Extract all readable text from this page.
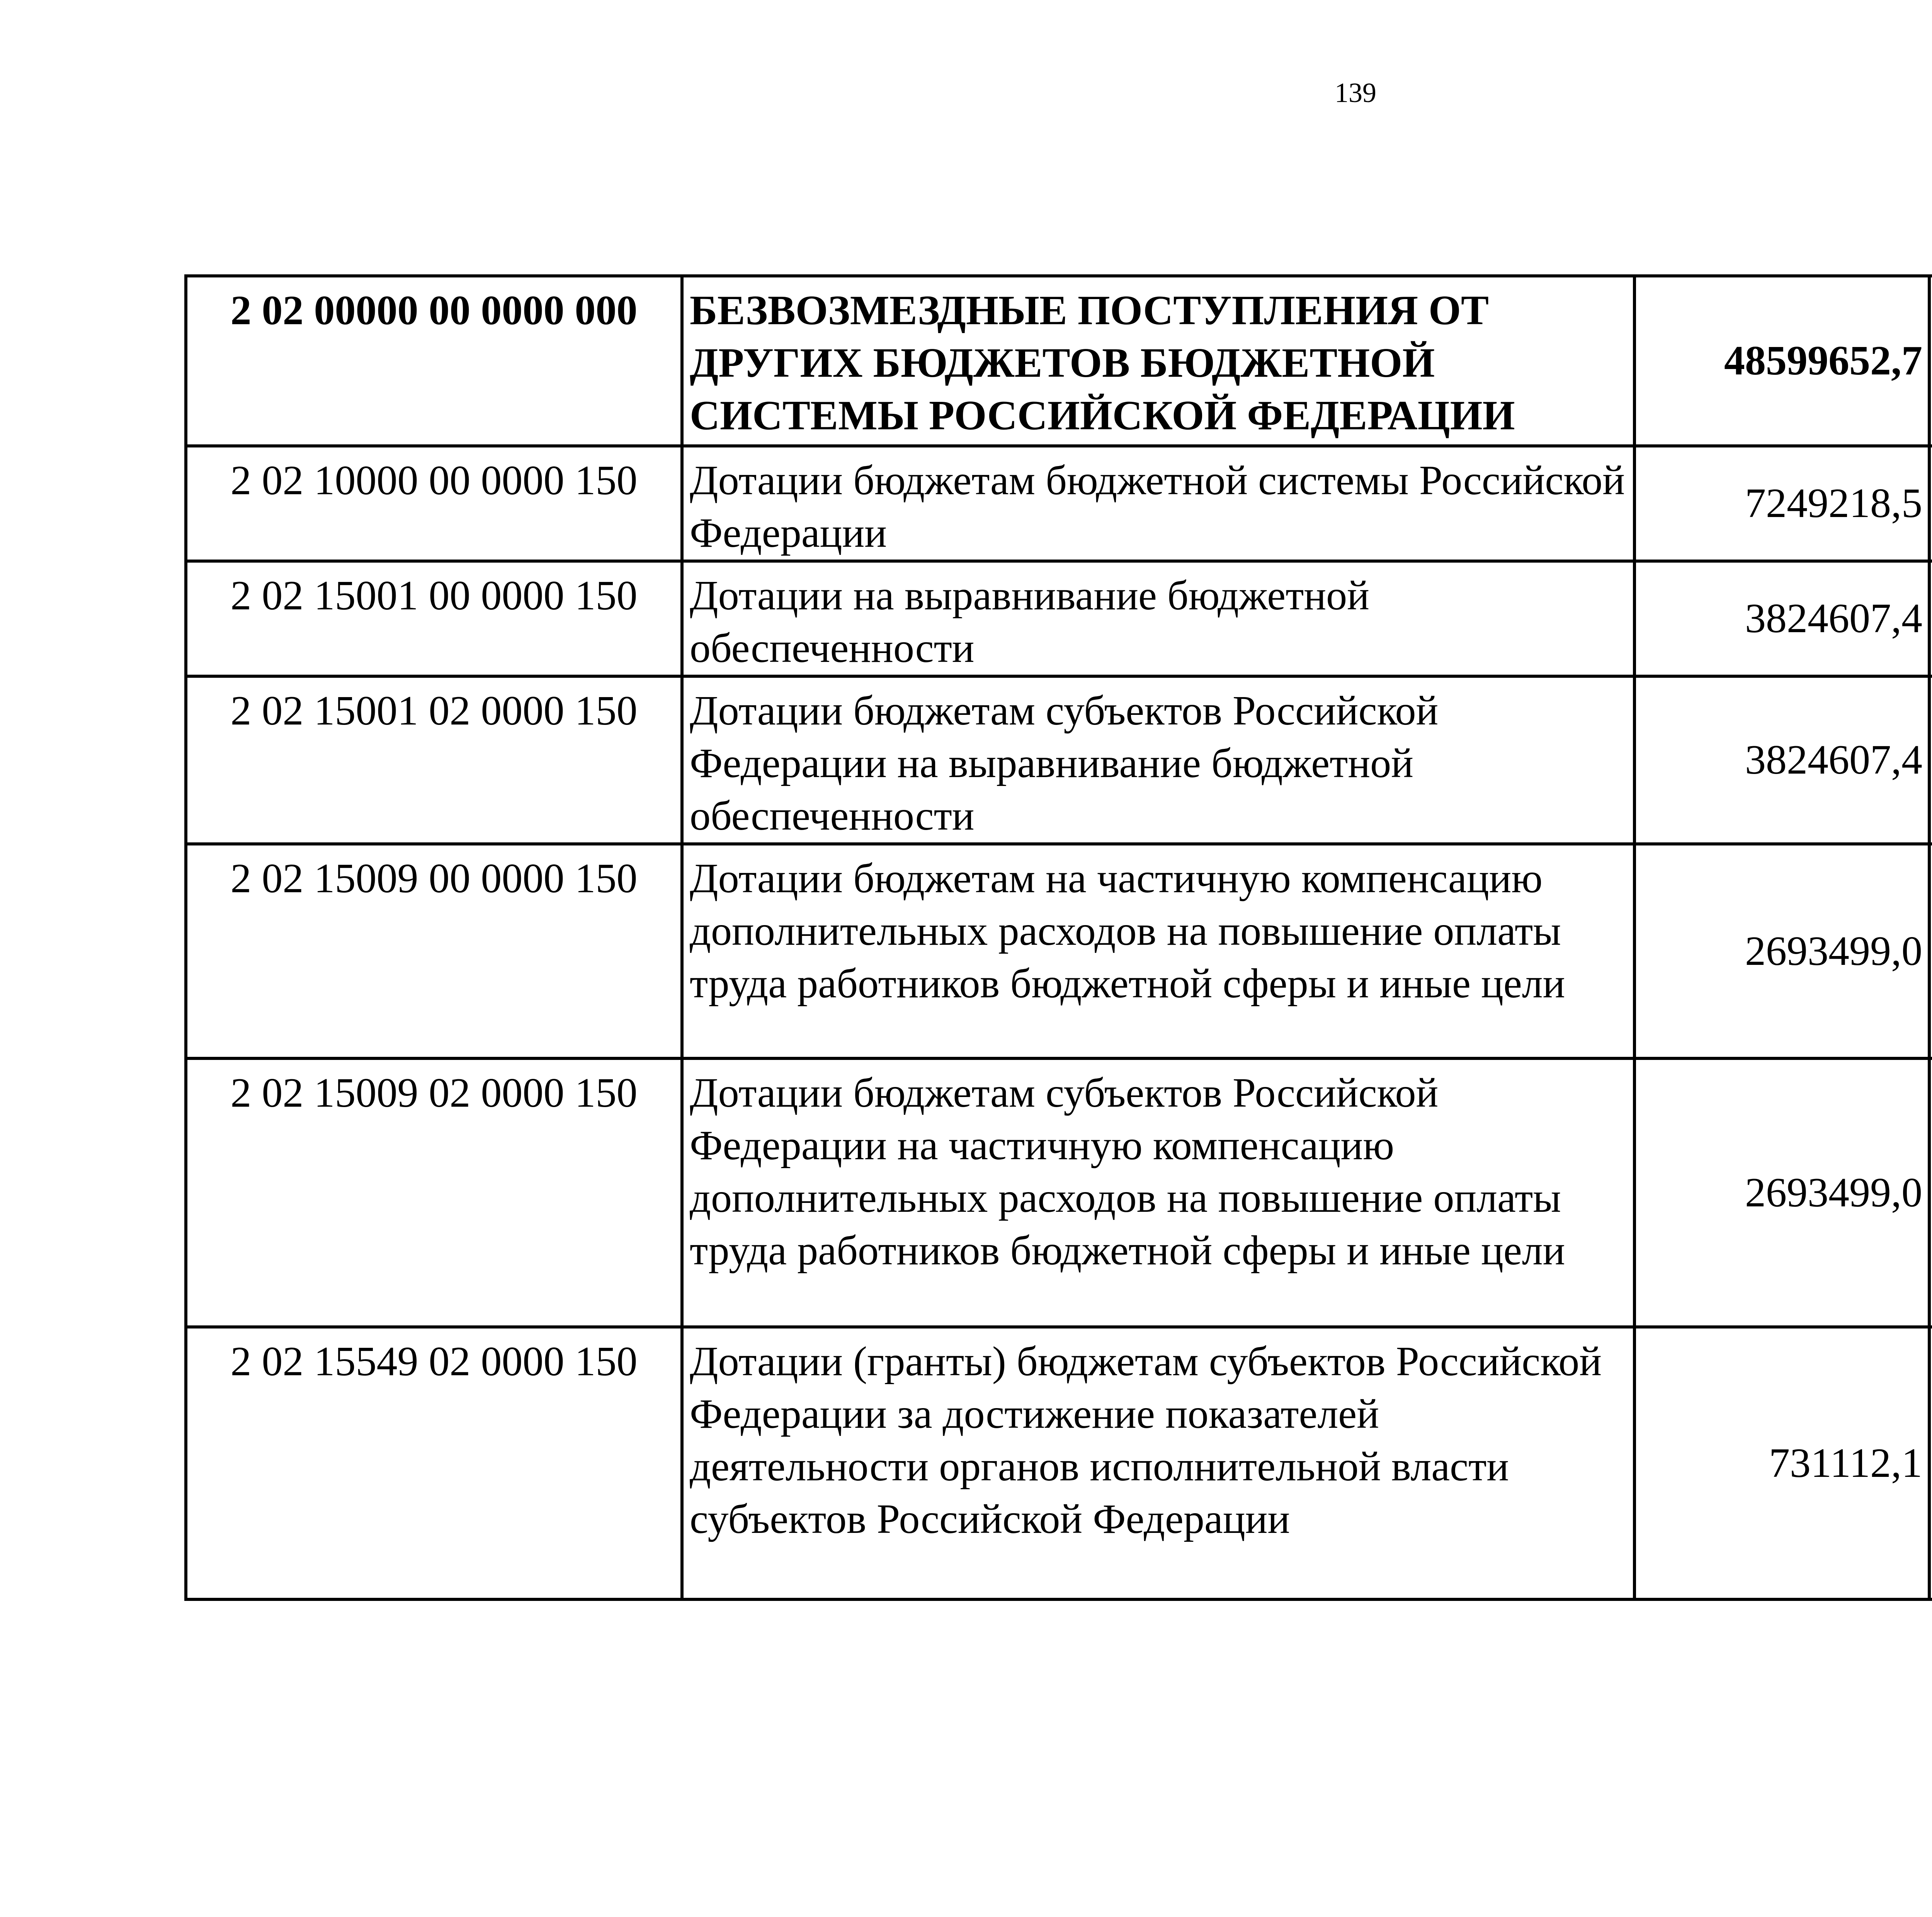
139
2 02 00000 00 0000 000	БЕЗВОЗМЕЗДНЫЕ ПОСТУПЛЕНИЯ ОТ ДРУГИХ БЮДЖЕТОВ БЮДЖЕТНОЙ СИСТЕМЫ РОССИЙСКОЙ ФЕДЕРАЦИИ	48599652,7		
2 02 10000 00 0000 150	Дотации бюджетам бюджетной системы Российской Федерации	7249218,5		
2 02 15001 00 0000 150	Дотации на выравнивание бюджетной обеспеченности	3824607,4		
2 02 15001 02 0000 150	Дотации бюджетам субъектов Российской Федерации на выравнивание бюджетной обеспеченности	3824607,4		
2 02 15009 00 0000 150	Дотации бюджетам на частичную компенсацию дополнительных расходов на повышение оплаты труда работников бюджетной сферы и иные цели	2693499,0		
2 02 15009 02 0000 150	Дотации бюджетам субъектов Российской Федерации на частичную компенсацию дополнительных расходов на повышение оплаты труда работников бюджетной сферы и иные цели	2693499,0		
2 02 15549 02 0000 150	Дотации (гранты) бюджетам субъектов Российской Федерации за достижение показателей деятельности органов исполнительной власти субъектов Российской Федерации	731112,1		
